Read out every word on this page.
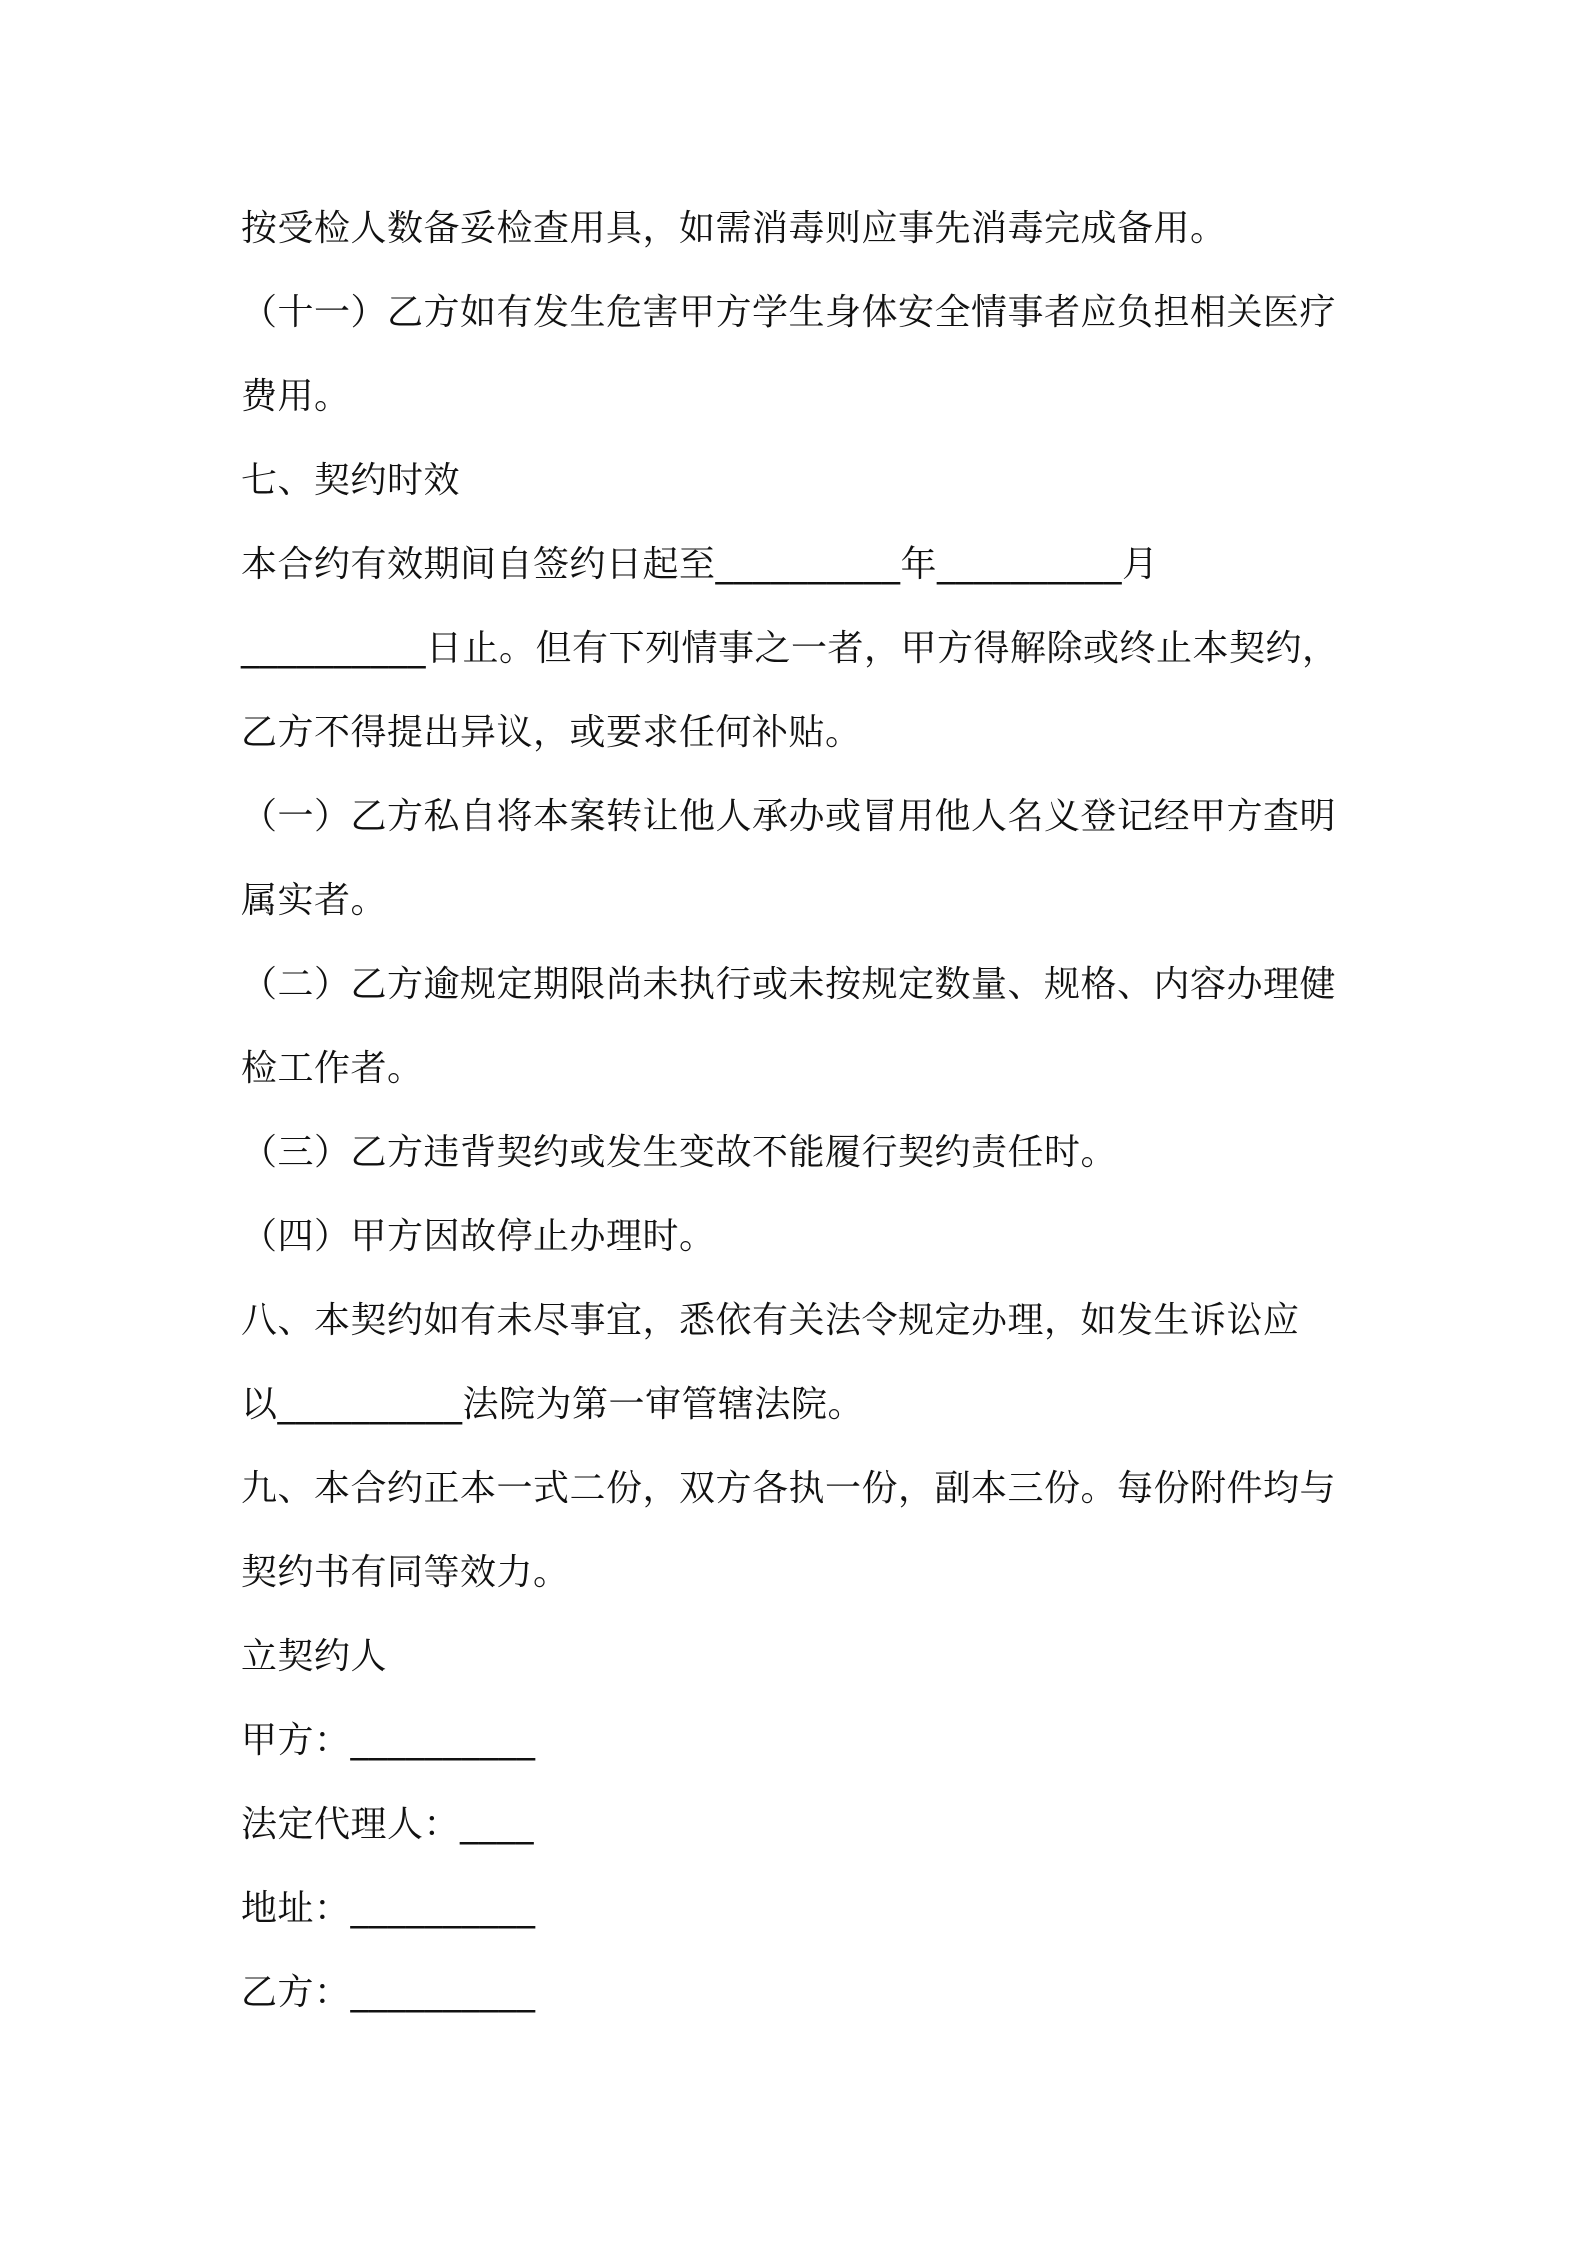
按受检人数备妥检查用具，如需消毒则应事先消毒完成备用。
（十一）乙方如有发生危害甲方学生身体安全情事者应负担相关医疗
费用。
七、契约时效
本合约有效期间自签约日起至__________年__________月
__________日止。但有下列情事之一者，甲方得解除或终止本契约，
乙方不得提出异议，或要求任何补贴。
（一）乙方私自将本案转让他人承办或冒用他人名义登记经甲方查明
属实者。
（二）乙方逾规定期限尚未执行或未按规定数量、规格、内容办理健
检工作者。
（三）乙方违背契约或发生变故不能履行契约责任时。
（四）甲方因故停止办理时。
八、本契约如有未尽事宜，悉依有关法令规定办理，如发生诉讼应
以__________法院为第一审管辖法院。
九、本合约正本一式二份，双方各执一份，副本三份。每份附件均与
契约书有同等效力。
立契约人
甲方：__________
法定代理人：____
地址：__________
乙方：__________
